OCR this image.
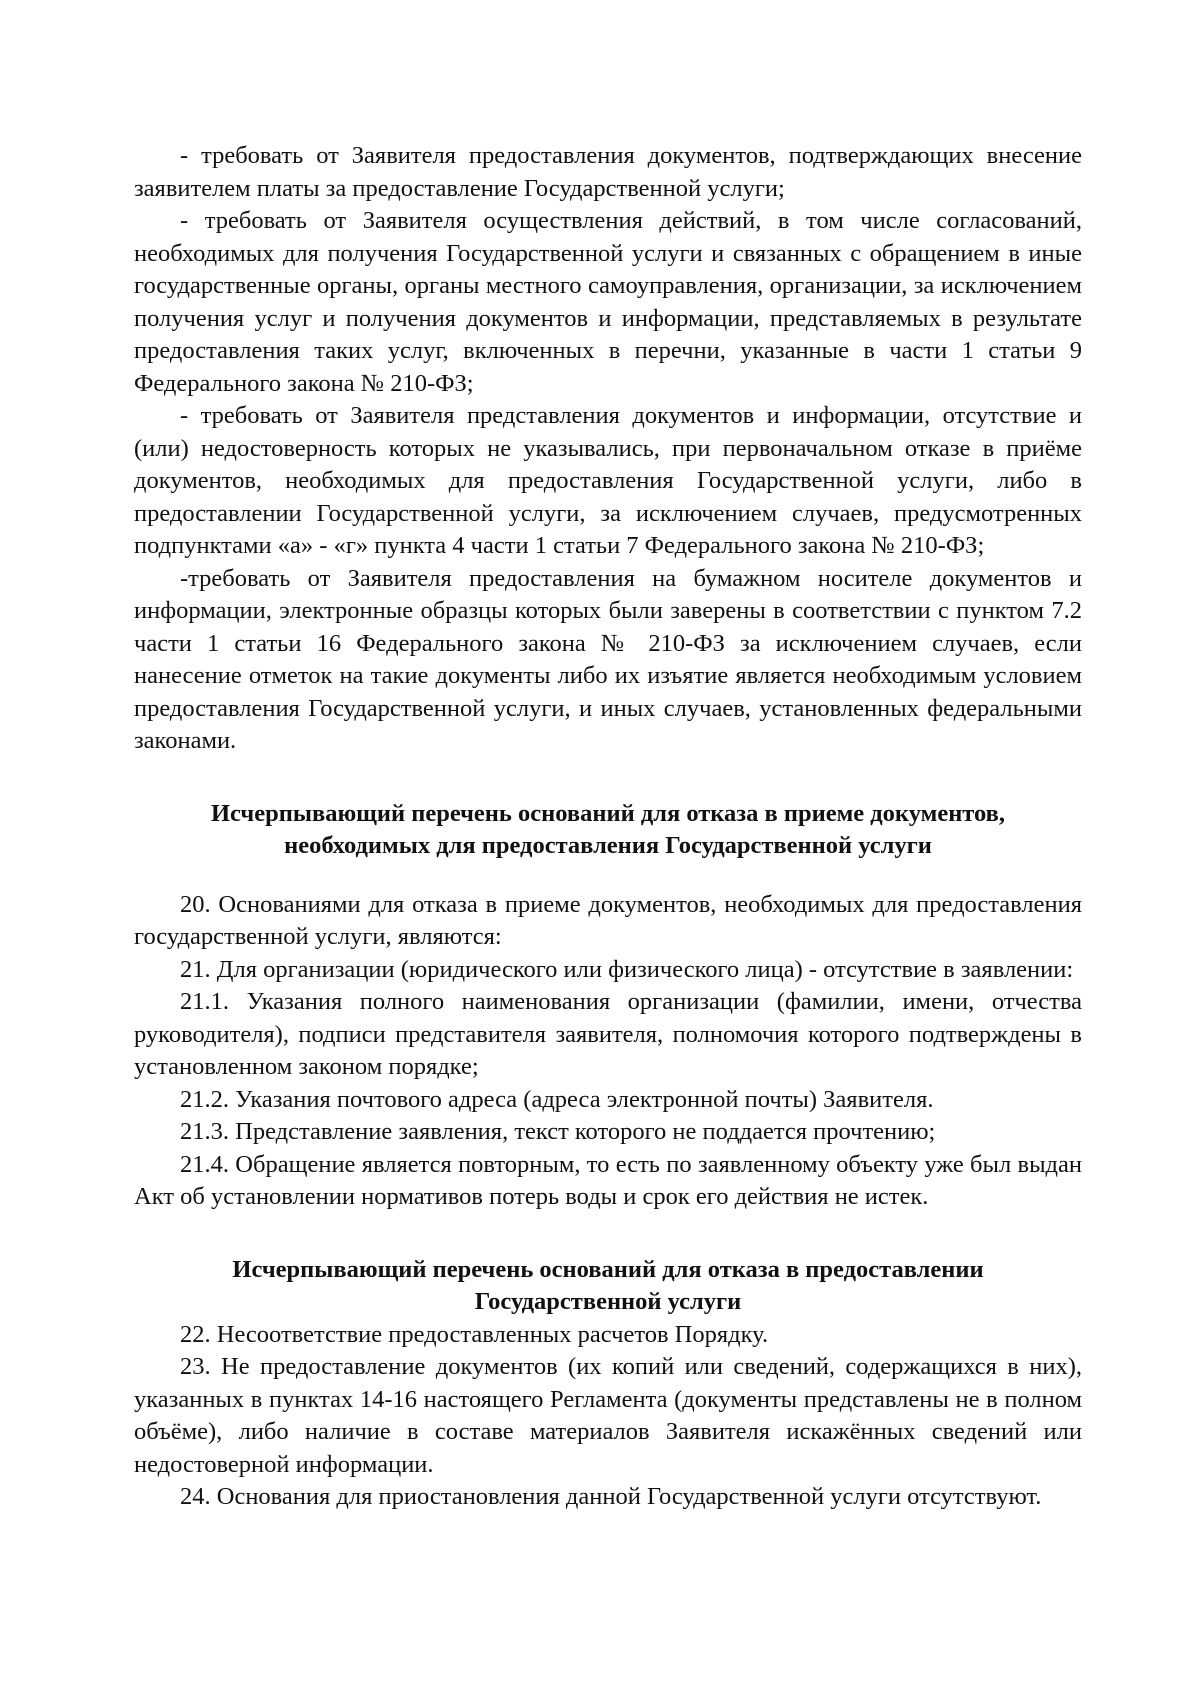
- требовать от Заявителя предоставления документов, подтверждающих внесение заявителем платы за предоставление Государственной услуги;

- требовать от Заявителя осуществления действий, в том числе согласований, необходимых для получения Государственной услуги и связанных с обращением в иные государственные органы, органы местного самоуправления, организации, за исключением получения услуг и получения документов и информации, представляемых в результате предоставления таких услуг, включенных в перечни, указанные в части 1 статьи 9 Федерального закона № 210-ФЗ;

- требовать от Заявителя представления документов и информации, отсутствие и (или) недостоверность которых не указывались, при первоначальном отказе в приёме документов, необходимых для предоставления Государственной услуги, либо в предоставлении Государственной услуги, за исключением случаев, предусмотренных подпунктами «а» - «г» пункта 4 части 1 статьи 7 Федерального закона № 210-ФЗ;

-требовать от Заявителя предоставления на бумажном носителе документов и информации, электронные образцы которых были заверены в соответствии с пунктом 7.2 части 1 статьи 16 Федерального закона № 210-ФЗ за исключением случаев, если нанесение отметок на такие документы либо их изъятие является необходимым условием предоставления Государственной услуги, и иных случаев, установленных федеральными законами.

Исчерпывающий перечень оснований для отказа в приеме документов,
необходимых для предоставления Государственной услуги

20. Основаниями для отказа в приеме документов, необходимых для предоставления государственной услуги, являются:

21. Для организации (юридического или физического лица) - отсутствие в заявлении:

21.1. Указания полного наименования организации (фамилии, имени, отчества руководителя), подписи представителя заявителя, полномочия которого подтверждены в установленном законом порядке;

21.2. Указания почтового адреса (адреса электронной почты) Заявителя.

21.3. Представление заявления, текст которого не поддается прочтению;

21.4. Обращение является повторным, то есть по заявленному объекту уже был выдан Акт об установлении нормативов потерь воды и срок его действия не истек.

Исчерпывающий перечень оснований для отказа в предоставлении
Государственной услуги

22. Несоответствие предоставленных расчетов Порядку.

23. Не предоставление документов (их копий или сведений, содержащихся в них), указанных в пунктах 14-16 настоящего Регламента (документы представлены не в полном объёме), либо наличие в составе материалов Заявителя искажённых сведений или недостоверной информации.

24. Основания для приостановления данной Государственной услуги отсутствуют.
